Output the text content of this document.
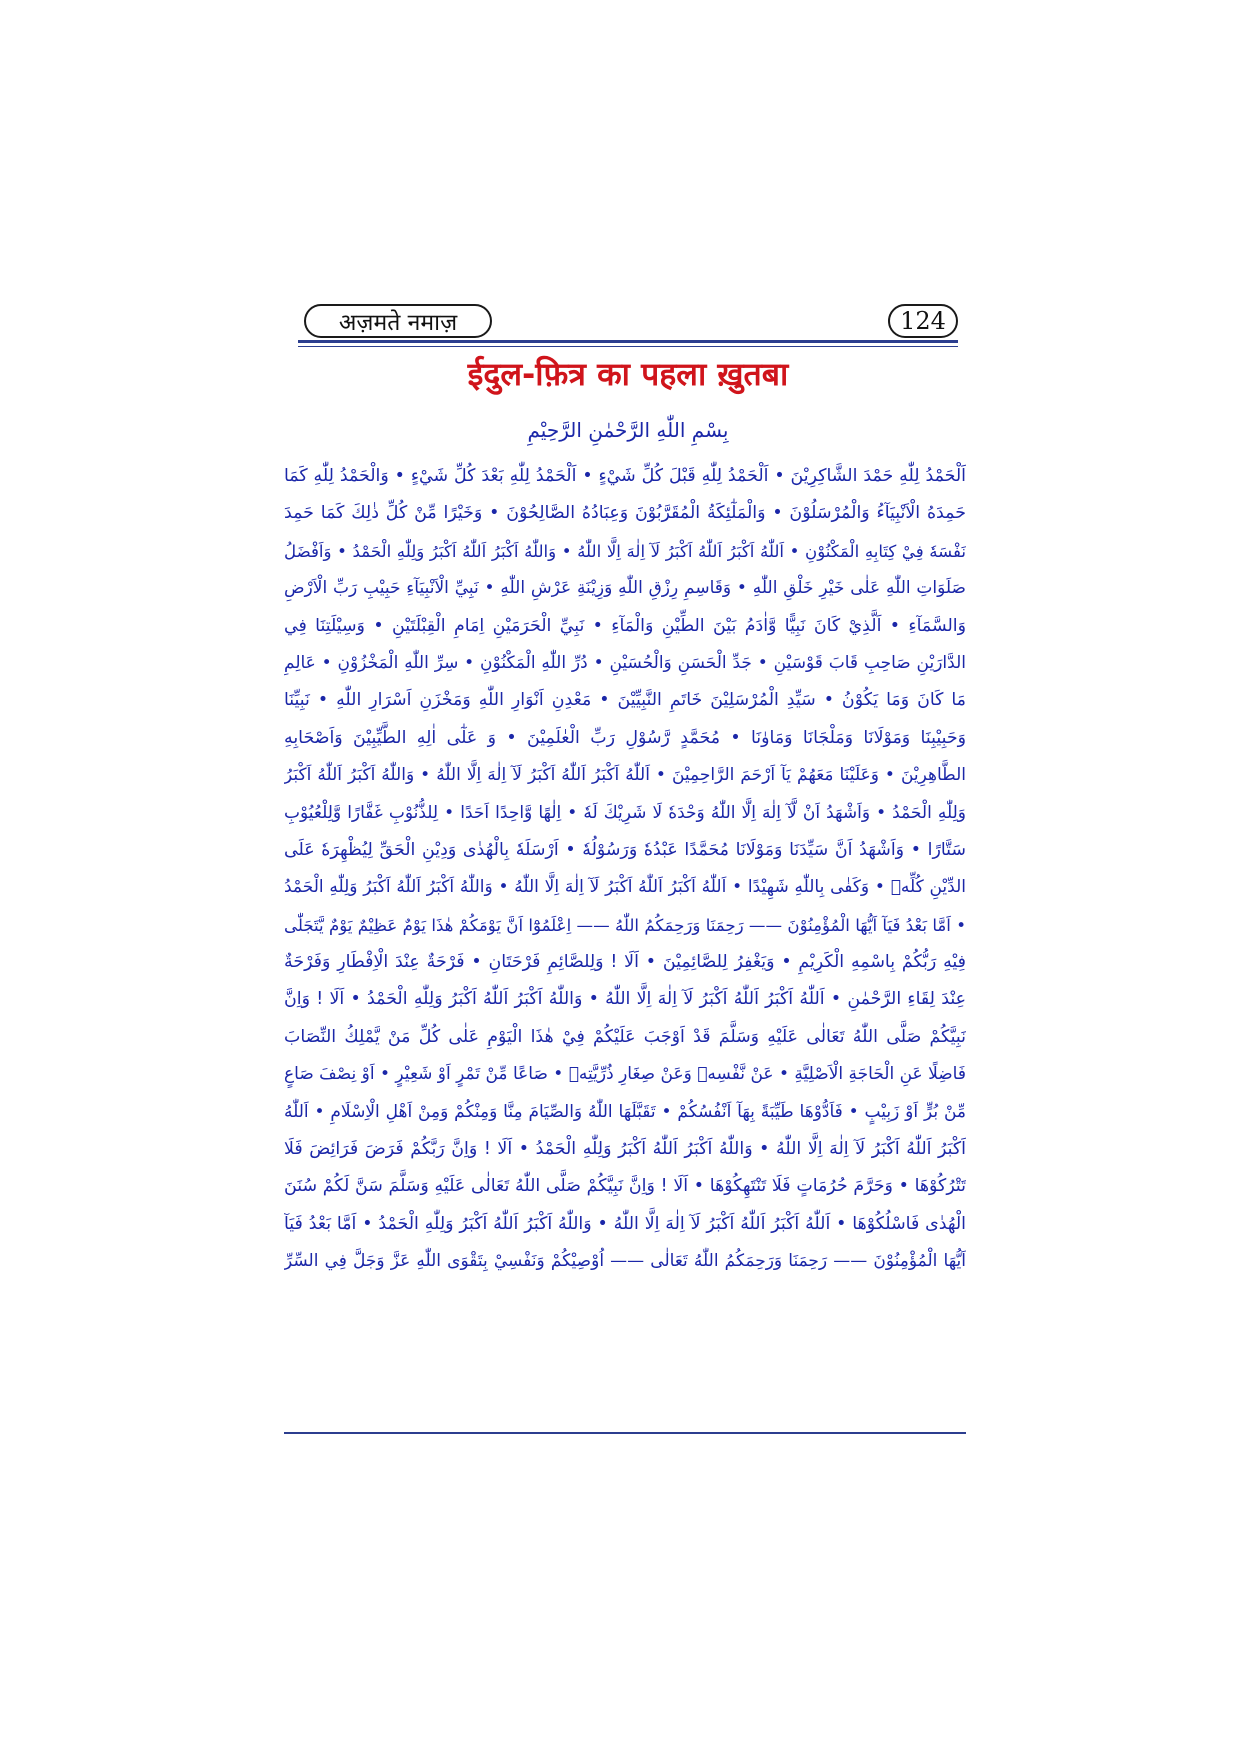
अज़मते नमाज़	124
ईदुल-फ़ित्र का पहला ख़ुतबा
بِسْمِ اللّٰهِ الرَّحْمٰنِ الرَّحِيْمِ
اَلْحَمْدُ لِلّٰهِ حَمْدَ الشَّاكِرِيْنَ • اَلْحَمْدُ لِلّٰهِ قَبْلَ كُلِّ شَيْءٍ • اَلْحَمْدُ لِلّٰهِ بَعْدَ كُلِّ شَيْءٍ • وَالْحَمْدُ لِلّٰهِ كَمَا
حَمِدَهُ الْاَنْبِيَآءُ وَالْمُرْسَلُوْنَ • وَالْمَلٰٓئِكَةُ الْمُقَرَّبُوْنَ وَعِبَادُهُ الصَّالِحُوْنَ • وَخَيْرًا مِّنْ كُلِّ ذٰلِكَ كَمَا حَمِدَ
نَفْسَهٗ فِيْ كِتَابِهِ الْمَكْنُوْنِ • اَللّٰهُ اَكْبَرُ اَللّٰهُ اَكْبَرُ لَآ اِلٰهَ اِلَّا اللّٰهُ • وَاللّٰهُ اَكْبَرُ اَللّٰهُ اَكْبَرُ وَلِلّٰهِ الْحَمْدُ • وَاَفْضَلُ
صَلَوَاتِ اللّٰهِ عَلٰى خَيْرِ خَلْقِ اللّٰهِ • وَقَاسِمِ رِزْقِ اللّٰهِ وَزِيْنَةِ عَرْشِ اللّٰهِ • نَبِيِّ الْاَنْبِيَآءِ حَبِيْبِ رَبِّ الْاَرْضِ
وَالسَّمَآءِ • اَلَّذِيْ كَانَ نَبِيًّا وَّاٰدَمُ بَيْنَ الطِّيْنِ وَالْمَآءِ • نَبِيِّ الْحَرَمَيْنِ اِمَامِ الْقِبْلَتَيْنِ • وَسِيْلَتِنَا فِي
الدَّارَيْنِ صَاحِبِ قَابَ قَوْسَيْنِ • جَدِّ الْحَسَنِ وَالْحُسَيْنِ • دُرِّ اللّٰهِ الْمَكْنُوْنِ • سِرِّ اللّٰهِ الْمَخْزُوْنِ • عَالِمِ
مَا كَانَ وَمَا يَكُوْنُ • سَيِّدِ الْمُرْسَلِيْنَ خَاتَمِ النَّبِيِّيْنَ • مَعْدِنِ اَنْوَارِ اللّٰهِ وَمَخْزَنِ اَسْرَارِ اللّٰهِ • نَبِيِّنَا
وَحَبِيْبِنَا وَمَوْلَانَا وَمَلْجَانَا وَمَاوٰنَا • مُحَمَّدٍ رَّسُوْلِ رَبِّ الْعٰلَمِيْنَ • وَ عَلٰٓى اٰلِهِ الطَّيِّبِيْنَ وَاَصْحَابِهِ
الطَّاهِرِيْنَ • وَعَلَيْنَا مَعَهُمْ يَآ اَرْحَمَ الرَّاحِمِيْنَ • اَللّٰهُ اَكْبَرُ اَللّٰهُ اَكْبَرُ لَآ اِلٰهَ اِلَّا اللّٰهُ • وَاللّٰهُ اَكْبَرُ اَللّٰهُ اَكْبَرُ
وَلِلّٰهِ الْحَمْدُ • وَاَشْهَدُ اَنْ لَّآ اِلٰهَ اِلَّا اللّٰهُ وَحْدَهٗ لَا شَرِيْكَ لَهٗ • اِلٰهًا وَّاحِدًا اَحَدًا • لِلذُّنُوْبِ غَفَّارًا وَّلِلْعُيُوْبِ
سَتَّارًا • وَاَشْهَدُ اَنَّ سَيِّدَنَا وَمَوْلَانَا مُحَمَّدًا عَبْدُهٗ وَرَسُوْلُهٗ • اَرْسَلَهٗ بِالْهُدٰى وَدِيْنِ الْحَقِّ لِيُظْهِرَهٗ عَلَى
الدِّيْنِ كُلِّهٖ • وَكَفٰى بِاللّٰهِ شَهِيْدًا • اَللّٰهُ اَكْبَرُ اَللّٰهُ اَكْبَرُ لَآ اِلٰهَ اِلَّا اللّٰهُ • وَاللّٰهُ اَكْبَرُ اَللّٰهُ اَكْبَرُ وَلِلّٰهِ الْحَمْدُ
• اَمَّا بَعْدُ فَيَآ اَيُّهَا الْمُؤْمِنُوْنَ —— رَحِمَنَا وَرَحِمَكُمُ اللّٰهُ —— اِعْلَمُوْٓا اَنَّ يَوْمَكُمْ هٰذَا يَوْمٌ عَظِيْمٌ يَوْمٌ يَّتَجَلّٰى
فِيْهِ رَبُّكُمْ بِاسْمِهِ الْكَرِيْمِ • وَيَغْفِرُ لِلصَّائِمِيْنَ • اَلَا ! وَلِلصَّائِمِ فَرْحَتَانِ • فَرْحَةٌ عِنْدَ الْاِفْطَارِ وَفَرْحَةٌ
عِنْدَ لِقَاءِ الرَّحْمٰنِ • اَللّٰهُ اَكْبَرُ اَللّٰهُ اَكْبَرُ لَآ اِلٰهَ اِلَّا اللّٰهُ • وَاللّٰهُ اَكْبَرُ اَللّٰهُ اَكْبَرُ وَلِلّٰهِ الْحَمْدُ • اَلَا ! وَاِنَّ
نَبِيَّكُمْ صَلَّى اللّٰهُ تَعَالٰى عَلَيْهِ وَسَلَّمَ قَدْ اَوْجَبَ عَلَيْكُمْ فِيْ هٰذَا الْيَوْمِ عَلٰى كُلِّ مَنْ يَّمْلِكُ النِّصَابَ
فَاضِلًا عَنِ الْحَاجَةِ الْاَصْلِيَّةِ • عَنْ نَّفْسِهٖ وَعَنْ صِغَارِ ذُرِّيَّتِهٖ • صَاعًا مِّنْ تَمْرٍ اَوْ شَعِيْرٍ • اَوْ نِصْفَ صَاعٍ
مِّنْ بُرٍّ اَوْ زَبِيْبٍ • فَاَدُّوْهَا طَيِّبَةً بِهَآ اَنْفُسُكُمْ • تَقَبَّلَهَا اللّٰهُ وَالصِّيَامَ مِنَّا وَمِنْكُمْ وَمِنْ اَهْلِ الْاِسْلَامِ • اَللّٰهُ
اَكْبَرُ اَللّٰهُ اَكْبَرُ لَآ اِلٰهَ اِلَّا اللّٰهُ • وَاللّٰهُ اَكْبَرُ اَللّٰهُ اَكْبَرُ وَلِلّٰهِ الْحَمْدُ • اَلَا ! وَاِنَّ رَبَّكُمْ فَرَضَ فَرَائِضَ فَلَا
تَتْرُكُوْهَا • وَحَرَّمَ حُرُمَاتٍ فَلَا تَنْتَهِكُوْهَا • اَلَا ! وَاِنَّ نَبِيَّكُمْ صَلَّى اللّٰهُ تَعَالٰى عَلَيْهِ وَسَلَّمَ سَنَّ لَكُمْ سُنَنَ
الْهُدٰى فَاسْلُكُوْهَا • اَللّٰهُ اَكْبَرُ اَللّٰهُ اَكْبَرُ لَآ اِلٰهَ اِلَّا اللّٰهُ • وَاللّٰهُ اَكْبَرُ اَللّٰهُ اَكْبَرُ وَلِلّٰهِ الْحَمْدُ • اَمَّا بَعْدُ فَيَآ
اَيُّهَا الْمُؤْمِنُوْنَ —— رَحِمَنَا وَرَحِمَكُمُ اللّٰهُ تَعَالٰى —— اُوْصِيْكُمْ وَنَفْسِيْ بِتَقْوَى اللّٰهِ عَزَّ وَجَلَّ فِي السِّرِّ
